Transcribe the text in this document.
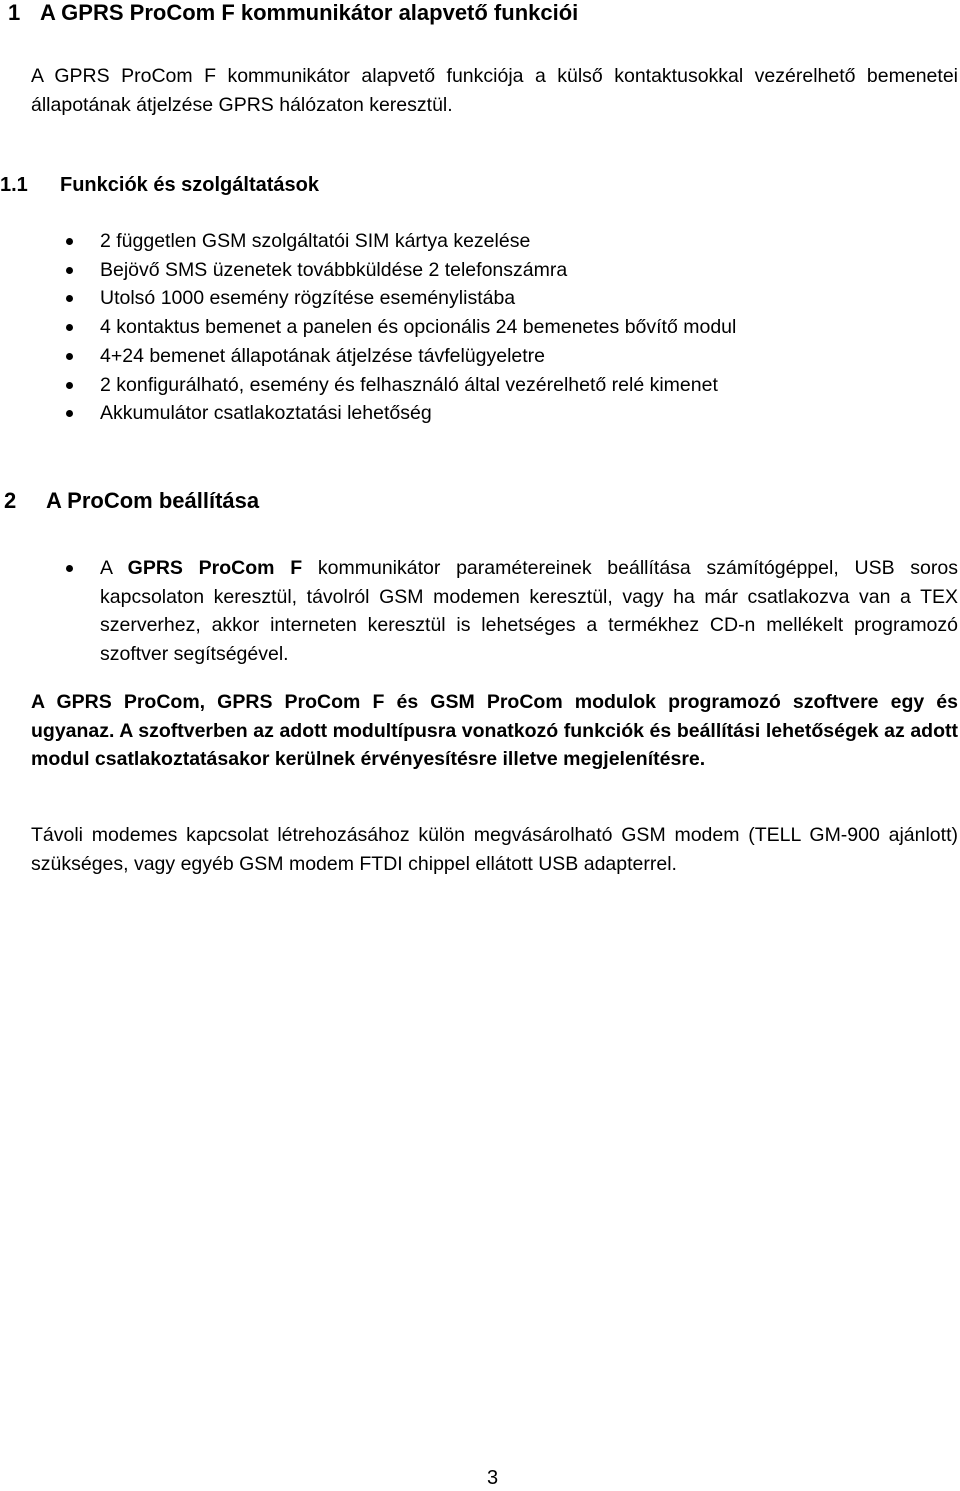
1 A GPRS ProCom F kommunikátor alapvető funkciói

A GPRS ProCom F kommunikátor alapvető funkciója a külső kontaktusokkal vezérelhető bemenetei állapotának átjelzése GPRS hálózaton keresztül.

1.1 Funkciók és szolgáltatások
2 független GSM szolgáltatói SIM kártya kezelése
Bejövő SMS üzenetek továbbküldése 2 telefonszámra
Utolsó 1000 esemény rögzítése eseménylistába
4 kontaktus bemenet a panelen és opcionális 24 bemenetes bővítő modul
4+24 bemenet állapotának átjelzése távfelügyeletre
2 konfigurálható, esemény és felhasználó által vezérelhető relé kimenet
Akkumulátor csatlakoztatási lehetőség
2 A ProCom beállítása

A GPRS ProCom F kommunikátor paramétereinek beállítása számítógéppel, USB soros kapcsolaton keresztül, távolról GSM modemen keresztül, vagy ha már csatlakozva van a TEX szerverhez, akkor interneten keresztül is lehetséges a termékhez CD-n mellékelt programozó szoftver segítségével.

A GPRS ProCom, GPRS ProCom F és GSM ProCom modulok programozó szoftvere egy és ugyanaz. A szoftverben az adott modultípusra vonatkozó funkciók és beállítási lehetőségek az adott modul csatlakoztatásakor kerülnek érvényesítésre illetve megjelenítésre.

Távoli modemes kapcsolat létrehozásához külön megvásárolható GSM modem (TELL GM-900 ajánlott) szükséges, vagy egyéb GSM modem FTDI chippel ellátott USB adapterrel.

3
